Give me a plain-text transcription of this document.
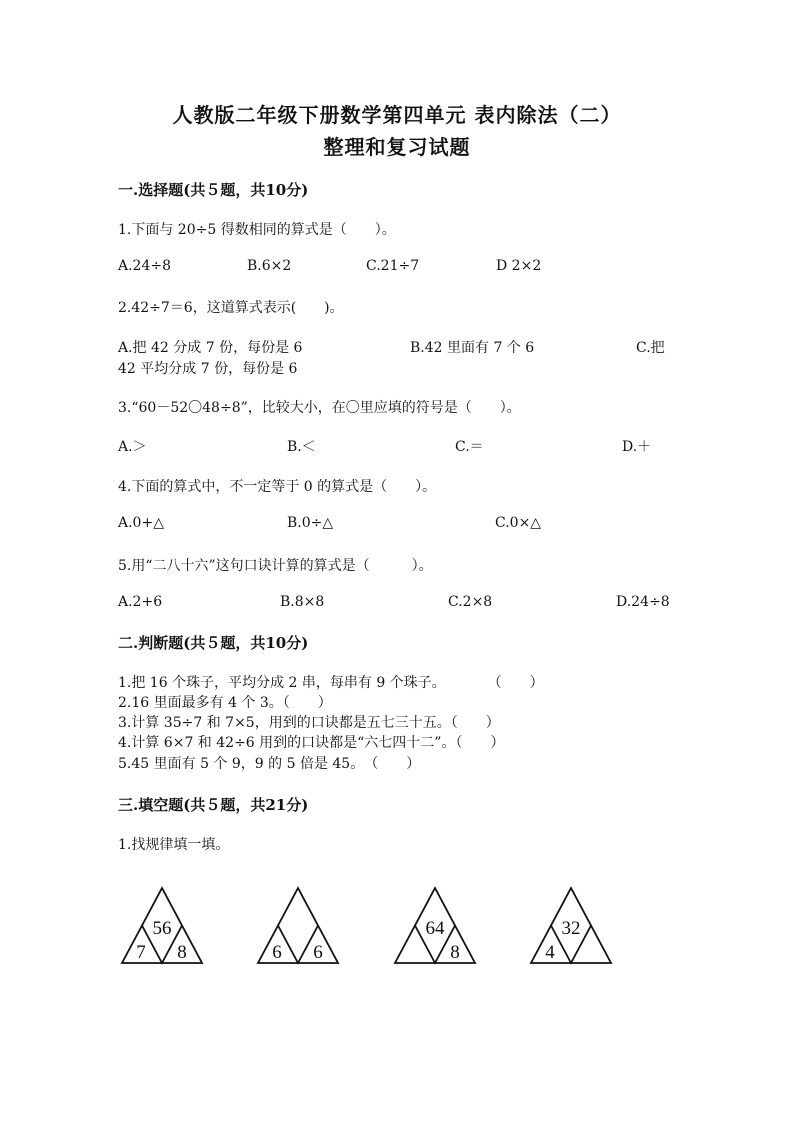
人教版二年级下册数学第四单元 表内除法（二）
整理和复习试题
一.选择题(共５题，共10分)
1.下面与 20÷5 得数相同的算式是（　　）。
A.24÷8	B.6×2	C.21÷7	D 2×2
2.42÷7＝6，这道算式表示(　　)。
A.把 42 分成 7 份，每份是 6	B.42 里面有 7 个 6	C.把
42 平均分成 7 份，每份是 6
3.“60－52〇48÷8”，比较大小，在〇里应填的符号是（　　）。
A.＞	B.＜	C.＝	D.＋
4.下面的算式中，不一定等于 0 的算式是（　　）。
A.0+△	B.0÷△	C.0×△
5.用“二八十六”这句口诀计算的算式是（　　　）。
A.2+6	B.8×8	C.2×8	D.24÷8
二.判断题(共５题，共10分)
1.把 16 个珠子，平均分成 2 串，每串有 9 个珠子。　　　　（　　）
2.16 里面最多有 4 个 3。（　　）
3.计算 35÷7 和 7×5，用到的口诀都是五七三十五。（　　）
4.计算 6×7 和 42÷6 用到的口诀都是“六七四十二”。（　　）
5.45 里面有 5 个 9，9 的 5 倍是 45。　（　　）
三.填空题(共５题，共21分)
1.找规律填一填。
56
7 8	6 6
64
8
32
4
